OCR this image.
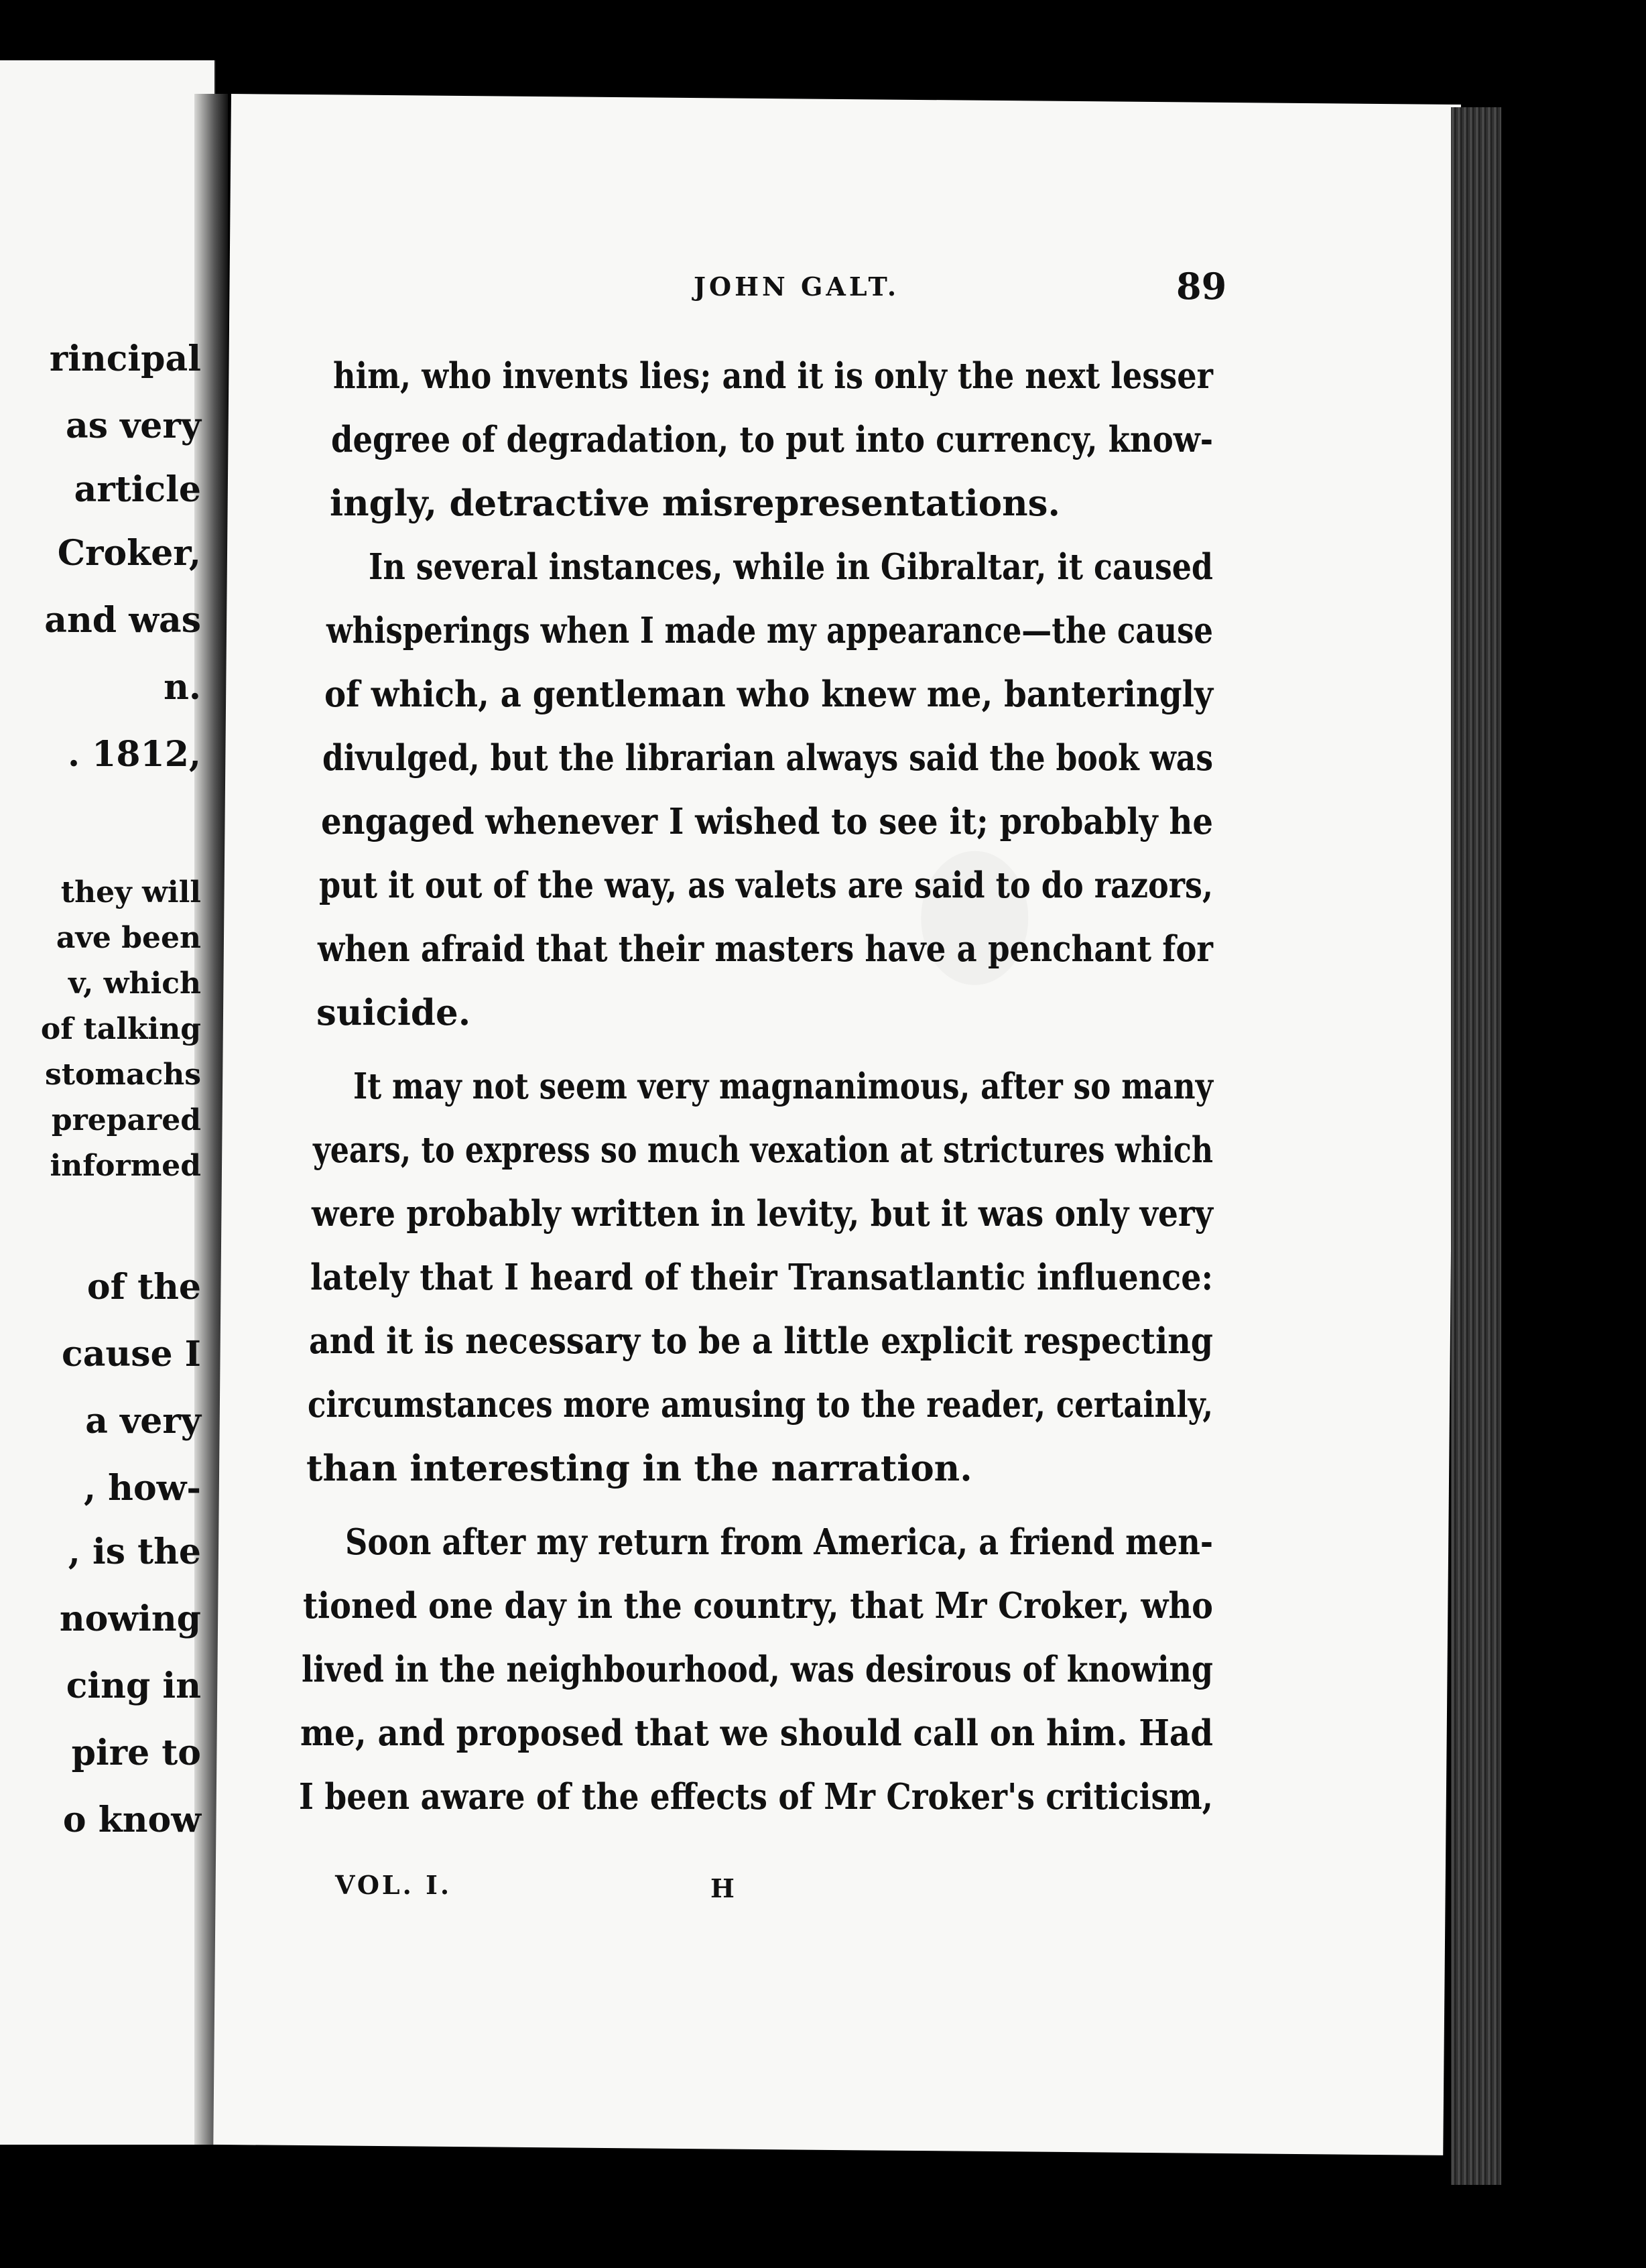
rincipal
as very
article
Croker,
and was
n.
. 1812,
they will
ave been
v, which
of talking
stomachs
prepared
informed
of the
cause I
a very
, how-
, is the
nowing
cing in
pire to
o know
JOHN GALT.	89
him, who invents lies; and it is only the next lesser
degree of degradation, to put into currency, know-
ingly, detractive misrepresentations.
In several instances, while in Gibraltar, it caused
whisperings when I made my appearance—the cause
of which, a gentleman who knew me, banteringly
divulged, but the librarian always said the book was
engaged whenever I wished to see it; probably he
put it out of the way, as valets are said to do razors,
when afraid that their masters have a penchant for
suicide.
It may not seem very magnanimous, after so many
years, to express so much vexation at strictures which
were probably written in levity, but it was only very
lately that I heard of their Transatlantic influence:
and it is necessary to be a little explicit respecting
circumstances more amusing to the reader, certainly,
than interesting in the narration.
Soon after my return from America, a friend men-
tioned one day in the country, that Mr Croker, who
lived in the neighbourhood, was desirous of knowing
me, and proposed that we should call on him. Had
I been aware of the effects of Mr Croker's criticism,
VOL. I.	H
